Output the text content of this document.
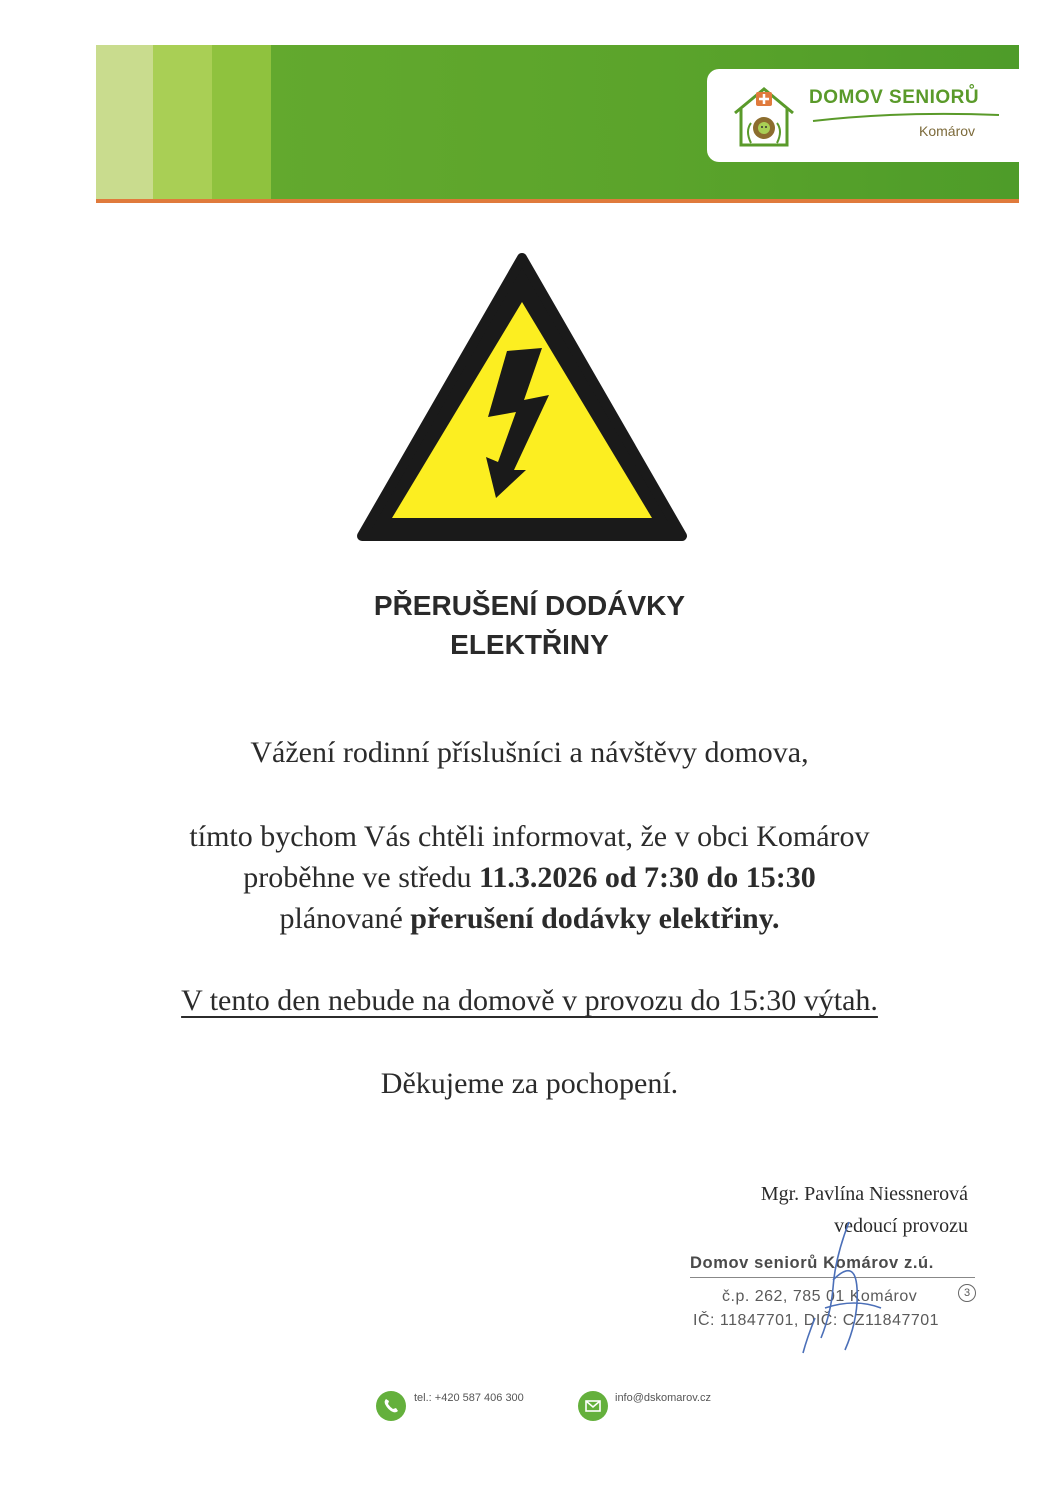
DOMOV SENIORŮ
Komárov
PŘERUŠENÍ DODÁVKY
ELEKTŘINY
Vážení rodinní příslušníci a návštěvy domova,
tímto bychom Vás chtěli informovat, že v obci Komárov
proběhne ve středu 11.3.2026 od 7:30 do 15:30
plánované přerušení dodávky elektřiny.
V tento den nebude na domově v provozu do 15:30 výtah.
Děkujeme za pochopení.
Mgr. Pavlína Niessnerová
vedoucí provozu
Domov seniorů Komárov z.ú.
č.p. 262, 785 01 Komárov	3
IČ: 11847701, DIČ: CZ11847701
tel.: +420 587 406 300	info@dskomarov.cz
